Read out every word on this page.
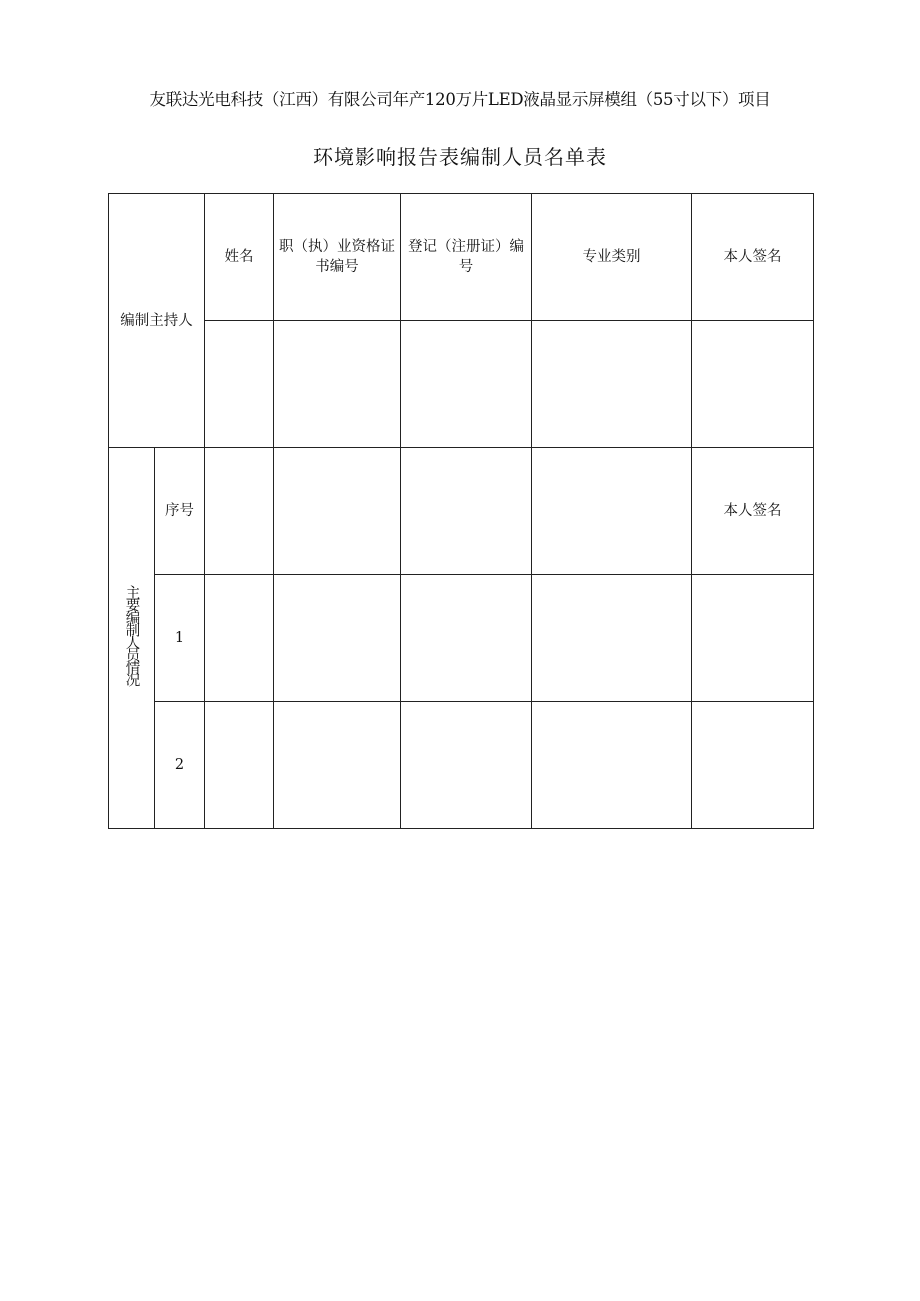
友联达光电科技（江西）有限公司年产120万片LED液晶显示屏模组（55寸以下）项目
环境影响报告表编制人员名单表
编制主持人		姓名	职（执）业资格证书编号	登记（注册证）编号	专业类别	本人签名

主要编制人员情况	序号					本人签名
	1					
	2					
